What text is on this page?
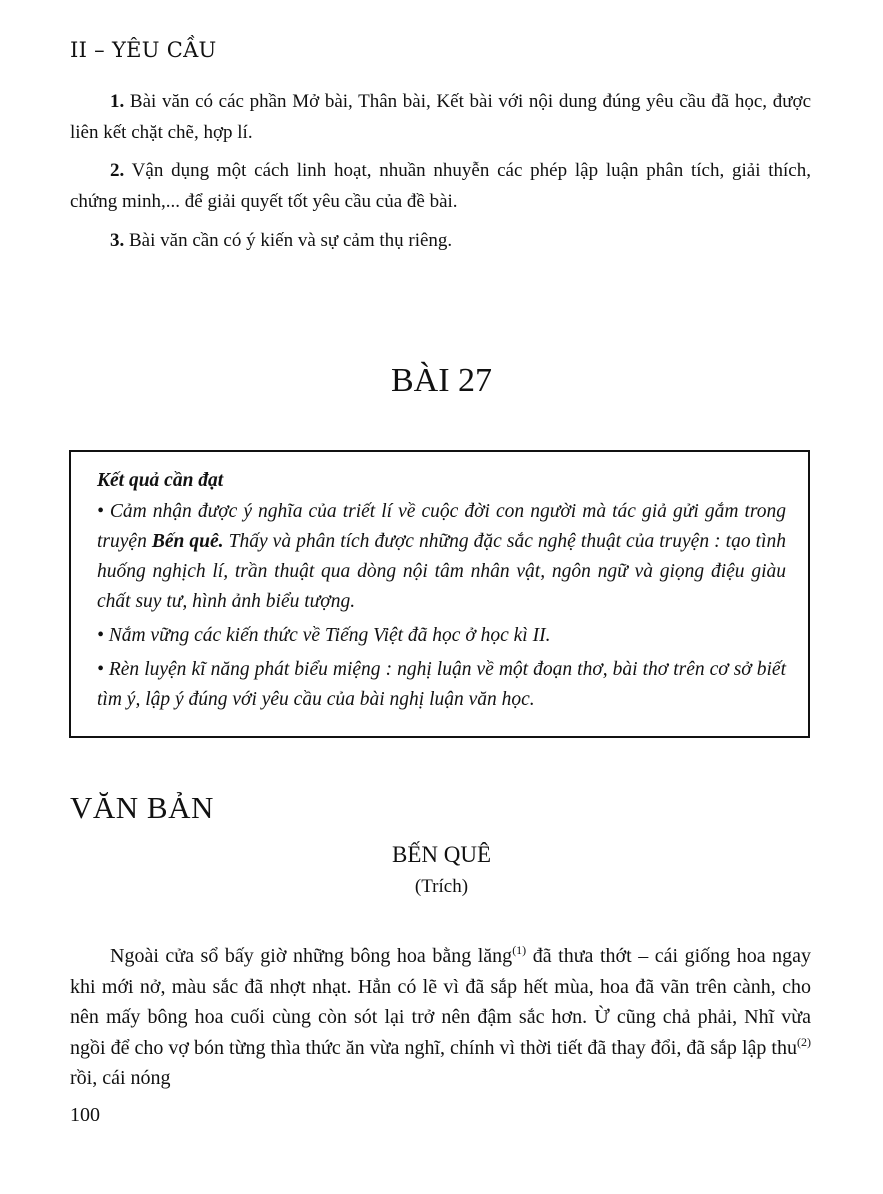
II – YÊU CẦU

1. Bài văn có các phần Mở bài, Thân bài, Kết bài với nội dung đúng yêu cầu đã học, được liên kết chặt chẽ, hợp lí.

2. Vận dụng một cách linh hoạt, nhuần nhuyễn các phép lập luận phân tích, giải thích, chứng minh,... để giải quyết tốt yêu cầu của đề bài.

3. Bài văn cần có ý kiến và sự cảm thụ riêng.

BÀI 27
Kết quả cần đạt

• Cảm nhận được ý nghĩa của triết lí về cuộc đời con người mà tác giả gửi gắm trong truyện Bến quê. Thấy và phân tích được những đặc sắc nghệ thuật của truyện : tạo tình huống nghịch lí, trần thuật qua dòng nội tâm nhân vật, ngôn ngữ và giọng điệu giàu chất suy tư, hình ảnh biểu tượng.

• Nắm vững các kiến thức về Tiếng Việt đã học ở học kì II.

• Rèn luyện kĩ năng phát biểu miệng : nghị luận về một đoạn thơ, bài thơ trên cơ sở biết tìm ý, lập ý đúng với yêu cầu của bài nghị luận văn học.

VĂN BẢN
BẾN QUÊ
(Trích)

Ngoài cửa sổ bấy giờ những bông hoa bằng lăng$^{(1)}$ đã thưa thớt – cái giống hoa ngay khi mới nở, màu sắc đã nhợt nhạt. Hẳn có lẽ vì đã sắp hết mùa, hoa đã vãn trên cành, cho nên mấy bông hoa cuối cùng còn sót lại trở nên đậm sắc hơn. Ừ cũng chả phải, Nhĩ vừa ngồi để cho vợ bón từng thìa thức ăn vừa nghĩ, chính vì thời tiết đã thay đổi, đã sắp lập thu$^{(2)}$ rồi, cái nóng

100
